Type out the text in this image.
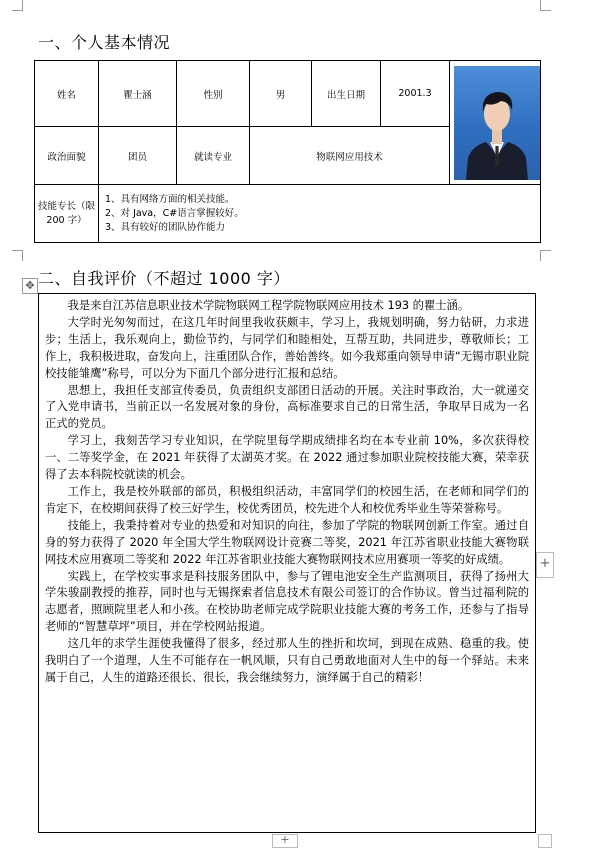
一、个人基本情况
姓名	瞿士涵	性别	男	出生日期	2001.3	

政治面貌	团员	就读专业	物联网应用技术			
技能专长（限 200 字）	1、具有网络方面的相关技能。
2、对 Java，C#语言掌握较好。
3、具有较好的团队协作能力					
二、自我评价（不超过 1000 字）
✥

我是来自江苏信息职业技术学院物联网工程学院物联网应用技术 193 的瞿士涵。

大学时光匆匆而过，在这几年时间里我收获颇丰，学习上，我规划明确，努力钻研，力求进步；生活上，我乐观向上，勤俭节约，与同学们和睦相处，互帮互助，共同进步，尊敬师长；工作上，我积极进取，奋发向上，注重团队合作，善始善终。如今我郑重向领导申请“无锡市职业院校技能雏鹰”称号，可以分为下面几个部分进行汇报和总结。

思想上，我担任支部宣传委员，负责组织支部团日活动的开展。关注时事政治，大一就递交了入党申请书，当前正以一名发展对象的身份，高标准要求自己的日常生活，争取早日成为一名正式的党员。

学习上，我刻苦学习专业知识，在学院里每学期成绩排名均在本专业前 10%，多次获得校一、二等奖学金，在 2021 年获得了太湖英才奖。在 2022 通过参加职业院校技能大赛，荣幸获得了去本科院校就读的机会。

工作上，我是校外联部的部员，积极组织活动，丰富同学们的校园生活，在老师和同学们的肯定下，在校期间获得了校三好学生，校优秀团员，校先进个人和校优秀毕业生等荣誉称号。

技能上，我秉持着对专业的热爱和对知识的向往，参加了学院的物联网创新工作室。通过自身的努力获得了 2020 年全国大学生物联网设计竞赛二等奖，2021 年江苏省职业技能大赛物联网技术应用赛项二等奖和 2022 年江苏省职业技能大赛物联网技术应用赛项一等奖的好成绩。

实践上，在学校实事求是科技服务团队中，参与了锂电池安全生产监测项目，获得了扬州大学朱骏副教授的推荐，同时也与无锡探索者信息技术有限公司签订的合作协议。曾当过福利院的志愿者，照顾院里老人和小孩。在校协助老师完成学院职业技能大赛的考务工作，还参与了指导老师的“智慧草坪”项目，并在学校网站报道。

这几年的求学生涯使我懂得了很多，经过那人生的挫折和坎坷，到现在成熟、稳重的我。使我明白了一个道理，人生不可能存在一帆风顺，只有自己勇敢地面对人生中的每一个驿站。未来属于自己，人生的道路还很长、很长，我会继续努力，演绎属于自己的精彩！

+
+
